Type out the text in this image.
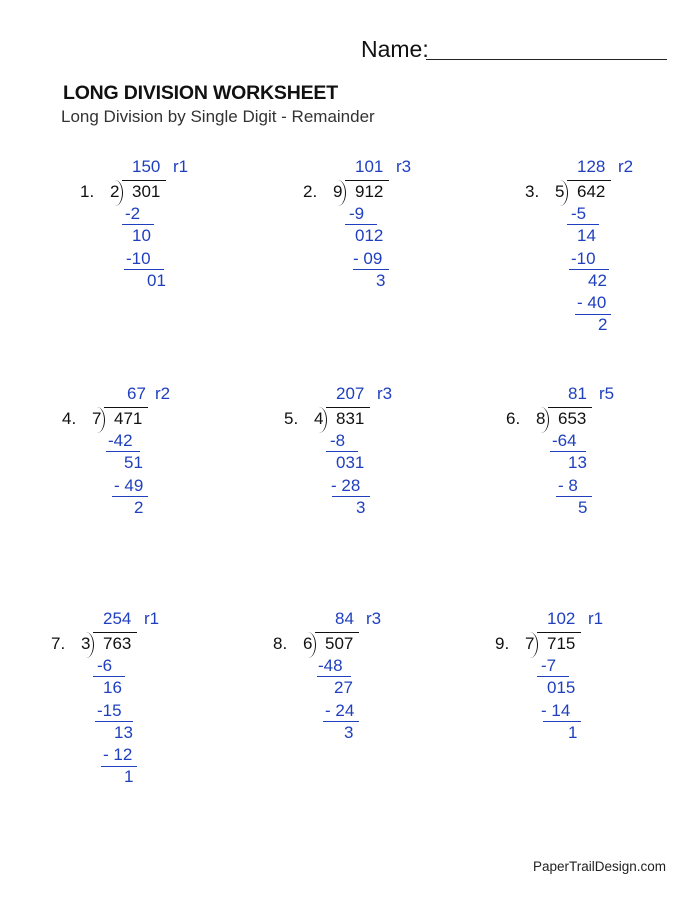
Name:
LONG DIVISION WORKSHEET
Long Division by Single Digit - Remainder
1. 2 301
150 r1
-2
10
-10
01
2. 9 912
101 r3
-9
012
- 09
3
3. 5 642
128 r2
-5
14
-10
42
- 40
2
4. 7 471
67 r2
-42
51
- 49
2
5. 4 831
207 r3
-8
031
- 28
3
6. 8 653
81 r5
-64
13
- 8
5
7. 3 763
254 r1
-6
16
-15
13
- 12
1
8. 6 507
84 r3
-48
27
- 24
3
9. 7 715
102 r1
-7
015
- 14
1
PaperTrailDesign.com
